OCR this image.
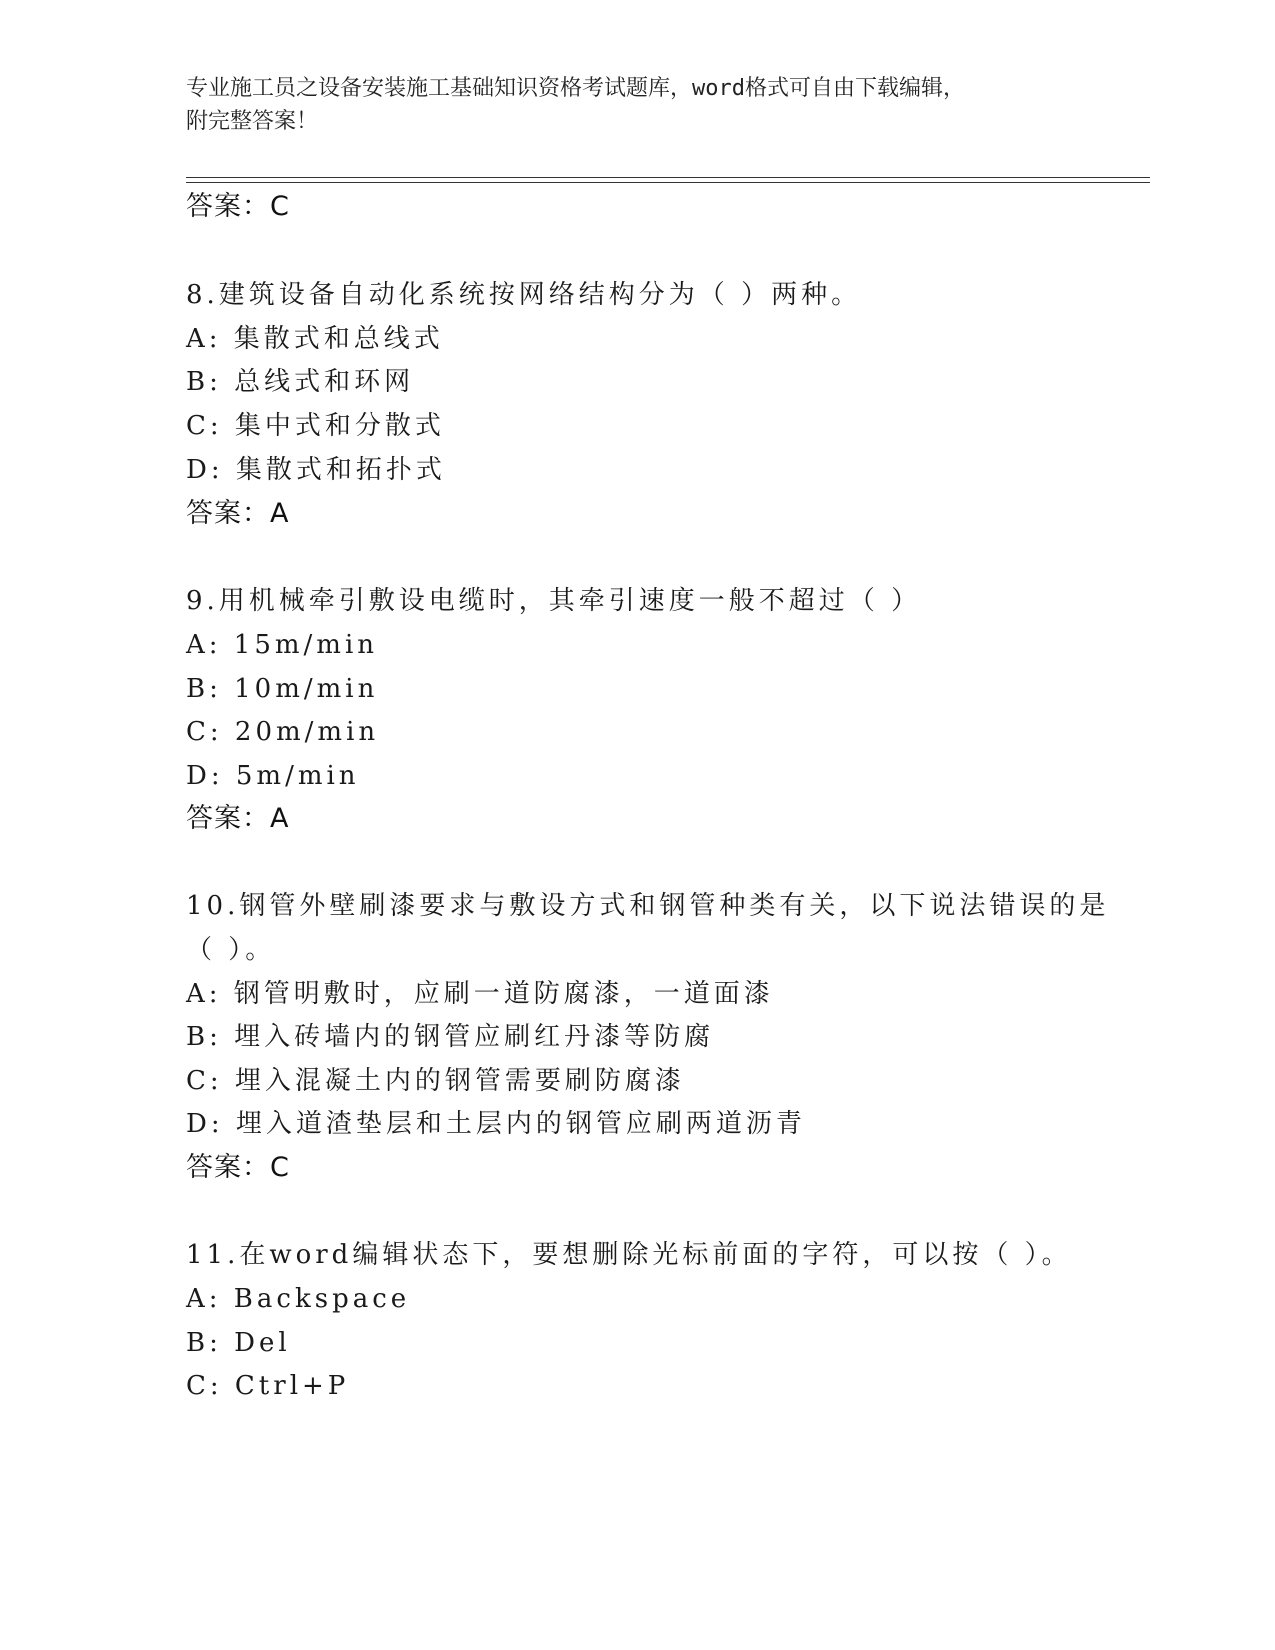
专业施工员之设备安装施工基础知识资格考试题库，word格式可自由下载编辑，
附完整答案！
答案：C
8.建筑设备自动化系统按网络结构分为（ ）两种。
A: 集散式和总线式
B: 总线式和环网
C: 集中式和分散式
D: 集散式和拓扑式
答案：A
9.用机械牵引敷设电缆时，其牵引速度一般不超过（ ）
A: 15m/min
B: 10m/min
C: 20m/min
D: 5m/min
答案：A
10.钢管外壁刷漆要求与敷设方式和钢管种类有关，以下说法错误的是
（ ）。
A: 钢管明敷时，应刷一道防腐漆，一道面漆
B: 埋入砖墙内的钢管应刷红丹漆等防腐
C: 埋入混凝土内的钢管需要刷防腐漆
D: 埋入道渣垫层和土层内的钢管应刷两道沥青
答案：C
11.在word编辑状态下，要想删除光标前面的字符，可以按（ ）。
A: Backspace
B: Del
C: Ctrl+P
